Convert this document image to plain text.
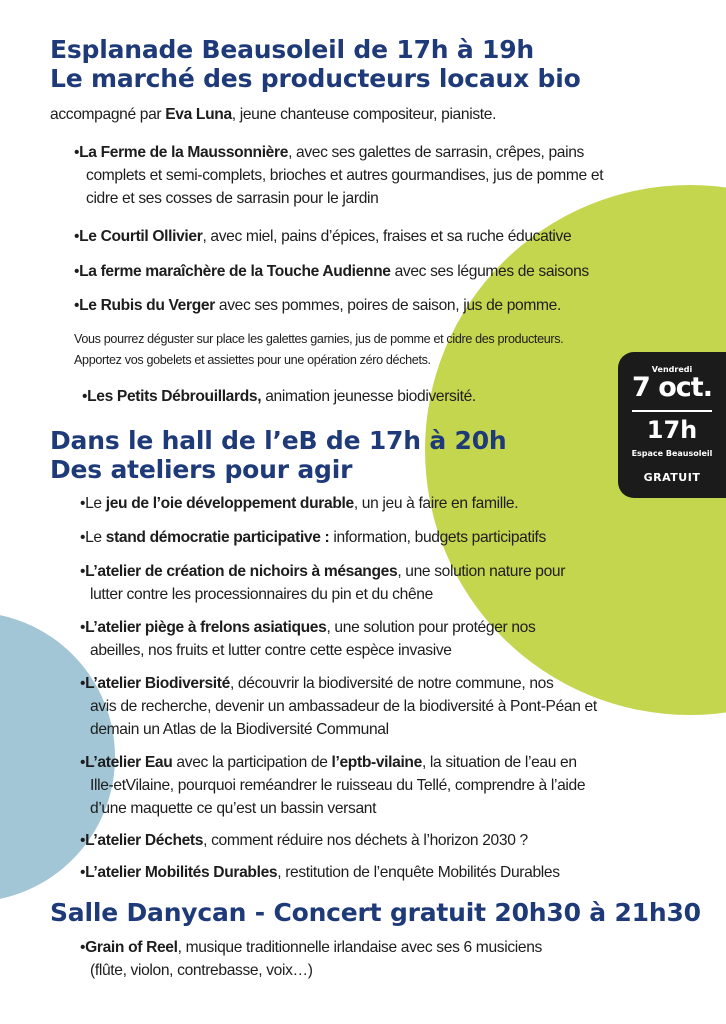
Esplanade Beausoleil de 17h à 19h
Le marché des producteurs locaux bio
accompagné par Eva Luna, jeune chanteuse compositeur, pianiste.
•La Ferme de la Maussonnière, avec ses galettes de sarrasin, crêpes, pains
complets et semi-complets, brioches et autres gourmandises, jus de pomme et
cidre et ses cosses de sarrasin pour le jardin
•Le Courtil Ollivier, avec miel, pains d’épices, fraises et sa ruche éducative
•La ferme maraîchère de la Touche Audienne avec ses légumes de saisons
•Le Rubis du Verger avec ses pommes, poires de saison, jus de pomme.
Vous pourrez déguster sur place les galettes garnies, jus de pomme et cidre des producteurs.
Apportez vos gobelets et assiettes pour une opération zéro déchets.
•Les Petits Débrouillards, animation jeunesse biodiversité.
Vendredi
7 oct.
17h
Espace Beausoleil
GRATUIT
Dans le hall de l’eB de 17h à 20h
Des ateliers pour agir
•Le jeu de l’oie développement durable, un jeu à faire en famille.
•Le stand démocratie participative : information, budgets participatifs
•L’atelier de création de nichoirs à mésanges, une solution nature pour
lutter contre les processionnaires du pin et du chêne
•L’atelier piège à frelons asiatiques, une solution pour protéger nos
abeilles, nos fruits et lutter contre cette espèce invasive
•L’atelier Biodiversité, découvrir la biodiversité de notre commune, nos
avis de recherche, devenir un ambassadeur de la biodiversité à Pont-Péan et
demain un Atlas de la Biodiversité Communal
•L’atelier Eau avec la participation de l’eptb-vilaine, la situation de l’eau en
Ille-etVilaine, pourquoi reméandrer le ruisseau du Tellé, comprendre à l’aide
d’une maquette ce qu’est un bassin versant
•L’atelier Déchets, comment réduire nos déchets à l’horizon 2030 ?
•L’atelier Mobilités Durables, restitution de l’enquête Mobilités Durables
Salle Danycan - Concert gratuit 20h30 à 21h30
•Grain of Reel, musique traditionnelle irlandaise avec ses 6 musiciens
(flûte, violon, contrebasse, voix…)
